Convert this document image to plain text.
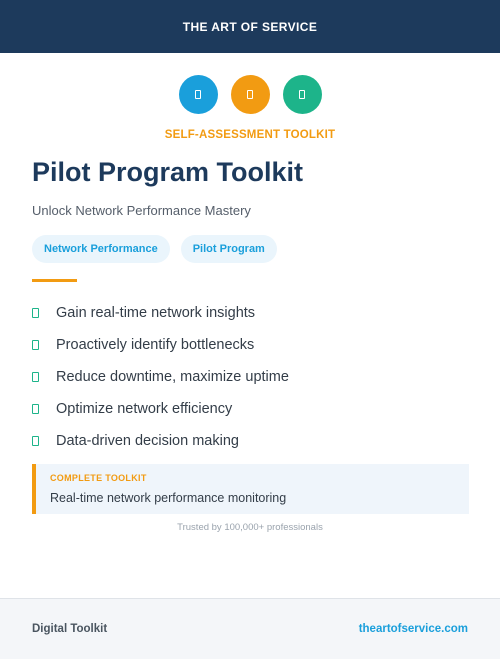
THE ART OF SERVICE
SELF-ASSESSMENT TOOLKIT
Pilot Program Toolkit
Unlock Network Performance Mastery
Network Performance	Pilot Program
Gain real-time network insights
Proactively identify bottlenecks
Reduce downtime, maximize uptime
Optimize network efficiency
Data-driven decision making
COMPLETE TOOLKIT
Real-time network performance monitoring
Trusted by 100,000+ professionals
Digital Toolkit	theartofservice.com
